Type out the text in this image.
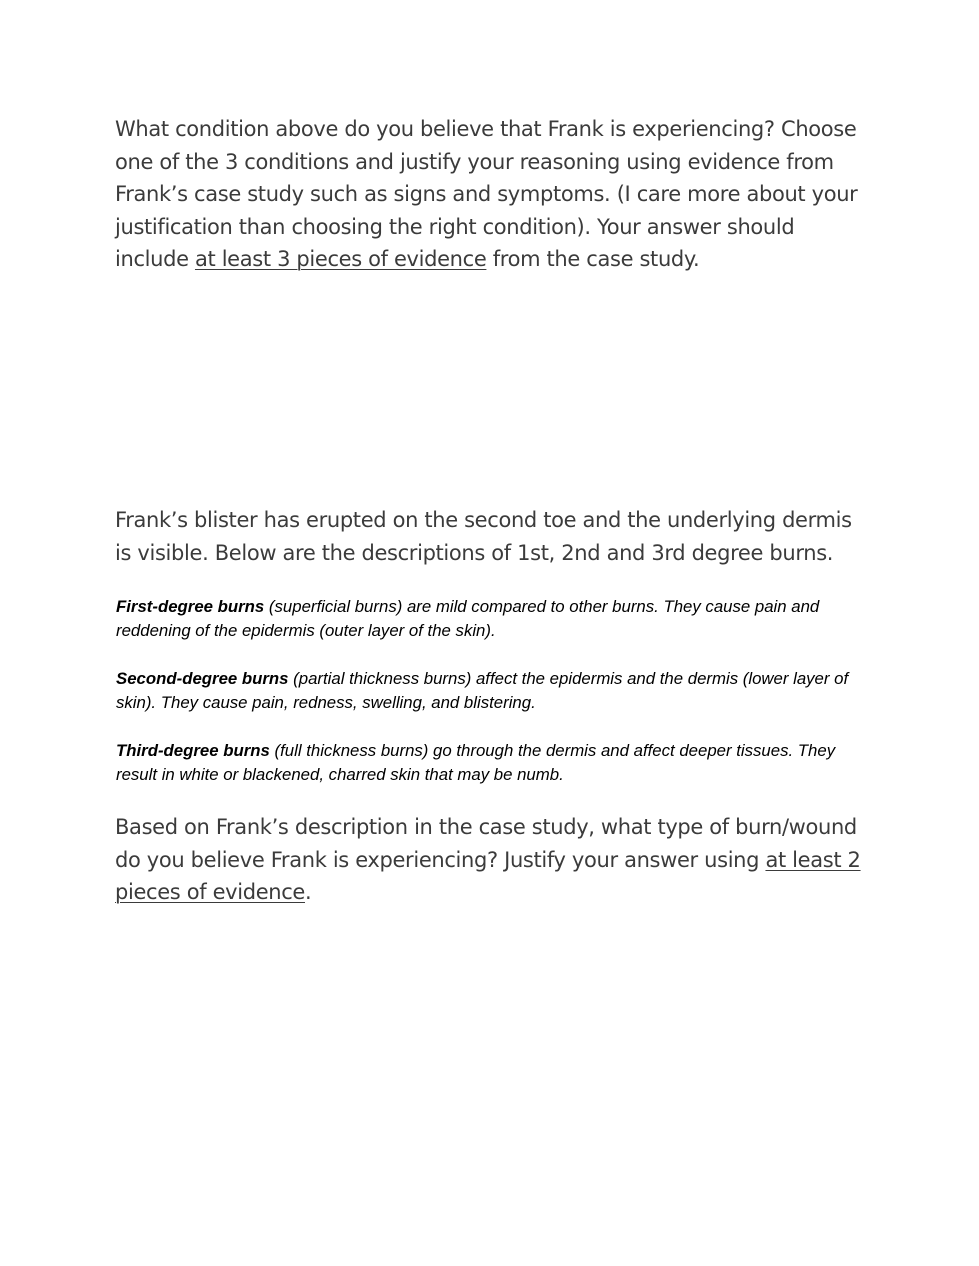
What condition above do you believe that Frank is experiencing? Choose one of the 3 conditions and justify your reasoning using evidence from Frank’s case study such as signs and symptoms. (I care more about your justification than choosing the right condition). Your answer should include at least 3 pieces of evidence from the case study.

Frank’s blister has erupted on the second toe and the underlying dermis is visible. Below are the descriptions of 1st, 2nd and 3rd degree burns.

First-degree burns (superficial burns) are mild compared to other burns. They cause pain and reddening of the epidermis (outer layer of the skin).

Second-degree burns (partial thickness burns) affect the epidermis and the dermis (lower layer of skin). They cause pain, redness, swelling, and blistering.

Third-degree burns (full thickness burns) go through the dermis and affect deeper tissues. They result in white or blackened, charred skin that may be numb.

Based on Frank’s description in the case study, what type of burn/wound do you believe Frank is experiencing? Justify your answer using at least 2 pieces of evidence.
